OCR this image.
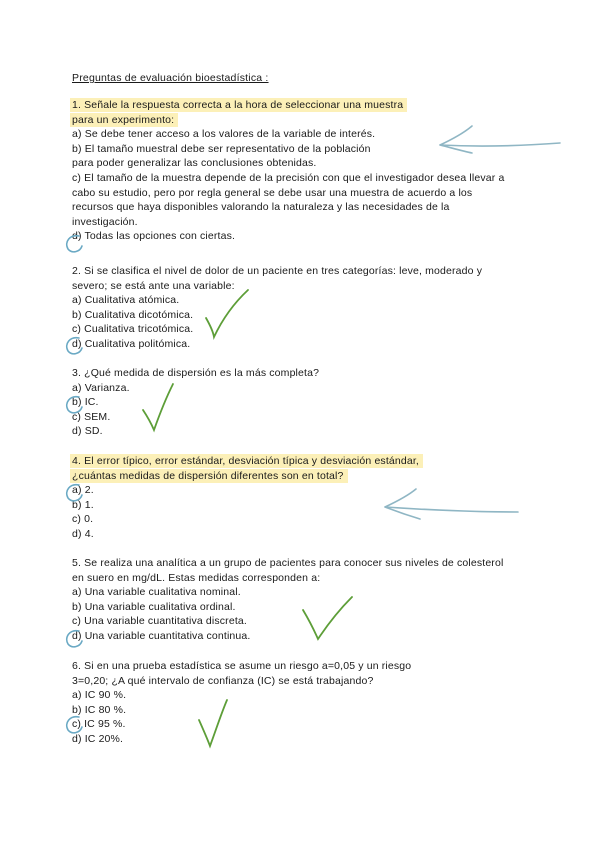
Preguntas de evaluación bioestadística :
1. Señale la respuesta correcta a la hora de seleccionar una muestra
para un experimento:
a) Se debe tener acceso a los valores de la variable de interés.
b) El tamaño muestral debe ser representativo de la población
para poder generalizar las conclusiones obtenidas.
c) El tamaño de la muestra depende de la precisión con que el investigador desea llevar a
cabo su estudio, pero por regla general se debe usar una muestra de acuerdo a los
recursos que haya disponibles valorando la naturaleza y las necesidades de la
investigación.
d) Todas las opciones con ciertas.
2. Si se clasifica el nivel de dolor de un paciente en tres categorías: leve, moderado y
severo; se está ante una variable:
a) Cualitativa atómica.
b) Cualitativa dicotómica.
c) Cualitativa tricotómica.
d) Cualitativa politómica.
3. ¿Qué medida de dispersión es la más completa?
a) Varianza.
b) IC.
c) SEM.
d) SD.
4. El error típico, error estándar, desviación típica y desviación estándar,
¿cuántas medidas de dispersión diferentes son en total?
a) 2.
b) 1.
c) 0.
d) 4.
5. Se realiza una analítica a un grupo de pacientes para conocer sus niveles de colesterol
en suero en mg/dL. Estas medidas corresponden a:
a) Una variable cualitativa nominal.
b) Una variable cualitativa ordinal.
c) Una variable cuantitativa discreta.
d) Una variable cuantitativa continua.
6. Si en una prueba estadística se asume un riesgo a=0,05 y un riesgo
3=0,20; ¿A qué intervalo de confianza (IC) se está trabajando?
a) IC 90 %.
b) IC 80 %.
c) IC 95 %.
d) IC 20%.
